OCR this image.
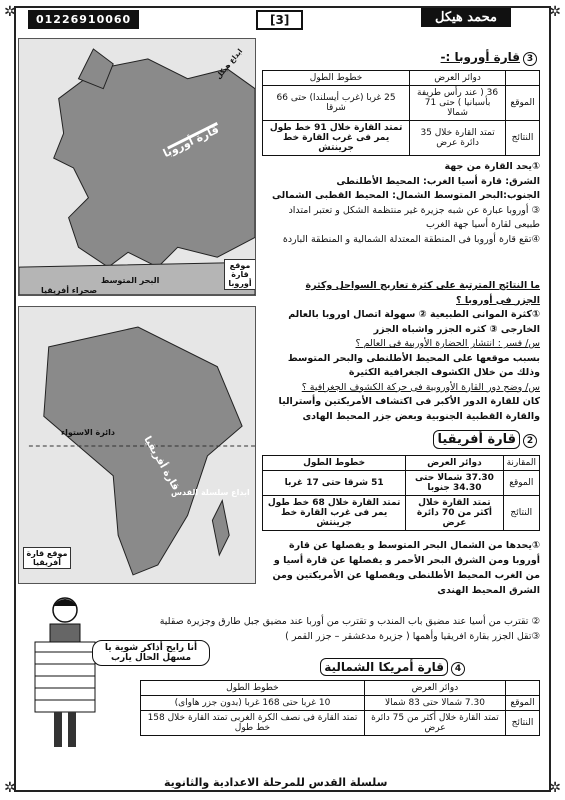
✲	✲
✲	✲
01226910060	[3]	محمد هيكل
قارة أوروبا
ابداع هيكل
موقع قارة أوروبا
البحر المتوسط
صحراء أفريقيا
قارة أفريقيا
دائرة الاستواء
ابداع سلسلة القدس
موقع قارة أفريقيا
3قارة أوروبا :-
	دوائر العرض	خطوط الطول
الموقع	36 ( عند رأس طريفة بأسبانيا ) حتى 71 شمالا	25 غربا (غرب أيسلندا) حتى 66 شرقا
النتائج	تمتد القارة خلال 35 دائرة عرض	تمتد القارة خلال 91 خط طول يمر فى غرب القارة خط جرينتش
①يحد القارة من جهة
الشرق: قارة أسيا الغرب: المحيط الأطلنطى
الجنوب:البحر المتوسط الشمال: المحيط القطبى الشمالى
③ أوروبا عبارة عن شبه جزيرة غير منتظمة الشكل و تعتبر امتداد طبيعى لقارة أسيا جهة الغرب
④تقع قارة أوروبا فى المنطقة المعتدلة الشمالية و المنطقة الباردة
ما النتائج المترتبة على كثرة تعاريج السواحل وكثرة الجزر فى أوروبا ؟
①كثرة الموانى الطبيعية ② سهولة اتصال اوروبا بالعالم الخارجى ③ كثره الجزر واشباه الجزر
س/ فسر : انتشار الحضارة الأوربية فى العالم ؟
بسبب موقعها على المحيط الأطلنطى والبحر المتوسط وذلك من خلال الكشوف الجغرافية الكثيرة
س/ وضح دور القارة الأوروبية فى حركة الكشوف الجغرافية ؟
كان للقارة الدور الأكبر فى اكتشاف الأمريكتين وأستراليا والقارة القطبية الجنوبية وبعض جزر المحيط الهادى
2قارة أفريقيا
المقارنة	دوائر العرض	خطوط الطول
الموقع	37.30 شمالا حتى 34.30 جنوبا	51 شرقا حتى 17 غربا
النتائج	تمتد القارة خلال أكثر من 70 دائرة عرض	تمتد القارة خلال 68 خط طول يمر فى غرب القارة خط جرينتش
①يحدها من الشمال البحر المتوسط و يفصلها عن قارة أوروبا ومن الشرق البحر الأحمر و يفصلها عن قارة أسيا و من الغرب المحيط الأطلنطى ويفصلها عن الأمريكتين ومن الشرق المحيط الهندى
② تقترب من أسيا عند مضيق باب المندب و تقترب من أوربا عند مضيق جبل طارق وجزيرة صقلية
③تقل الجزر بقارة افريقيا وأهمها ( جزيرة مدغشقر – جزر القمر )
4قارة أمريكا الشمالية
	دوائر العرض	خطوط الطول
الموقع	7.30 شمالا حتى 83 شمالا	10 غربا حتى 168 غربا (بدون جزر هاواى)
النتائج	تمتد القارة خلال أكثر من 75 دائرة عرض	تمتد القارة فى نصف الكرة الغربى تمتد القارة خلال 158 خط طول
أنا رايح أذاكر شوية يا مسهل الحال يارب
سلسلة القدس للمرحلة الاعدادية والثانوية
